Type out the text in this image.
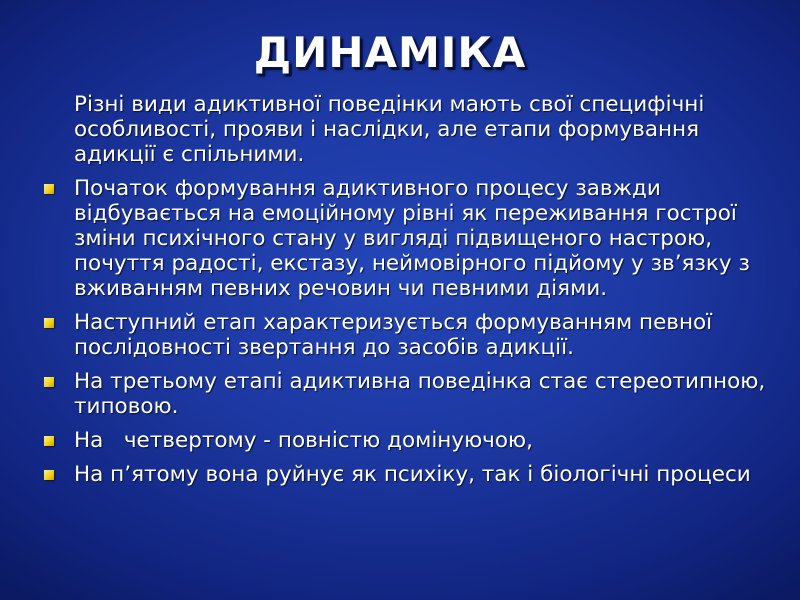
ДИНАМІКА

Різні види адиктивної поведінки мають свої специфічні особливості, прояви і наслідки, але етапи формування адикції є спільними.

Початок формування адиктивного процесу завжди відбувається на емоційному рівні як переживання гострої зміни психічного стану у вигляді підвищеного настрою, почуття радості, екстазу, неймовірного підйому у зв’язку з вживанням певних речовин чи певними діями.
Наступний етап характеризується формуванням певної послідовності звертання до засобів адикції.
На третьому етапі адиктивна поведінка стає стереотипною, типовою.
На   четвертому - повністю домінуючою,
На п’ятому вона руйнує як психіку, так і біологічні процеси
